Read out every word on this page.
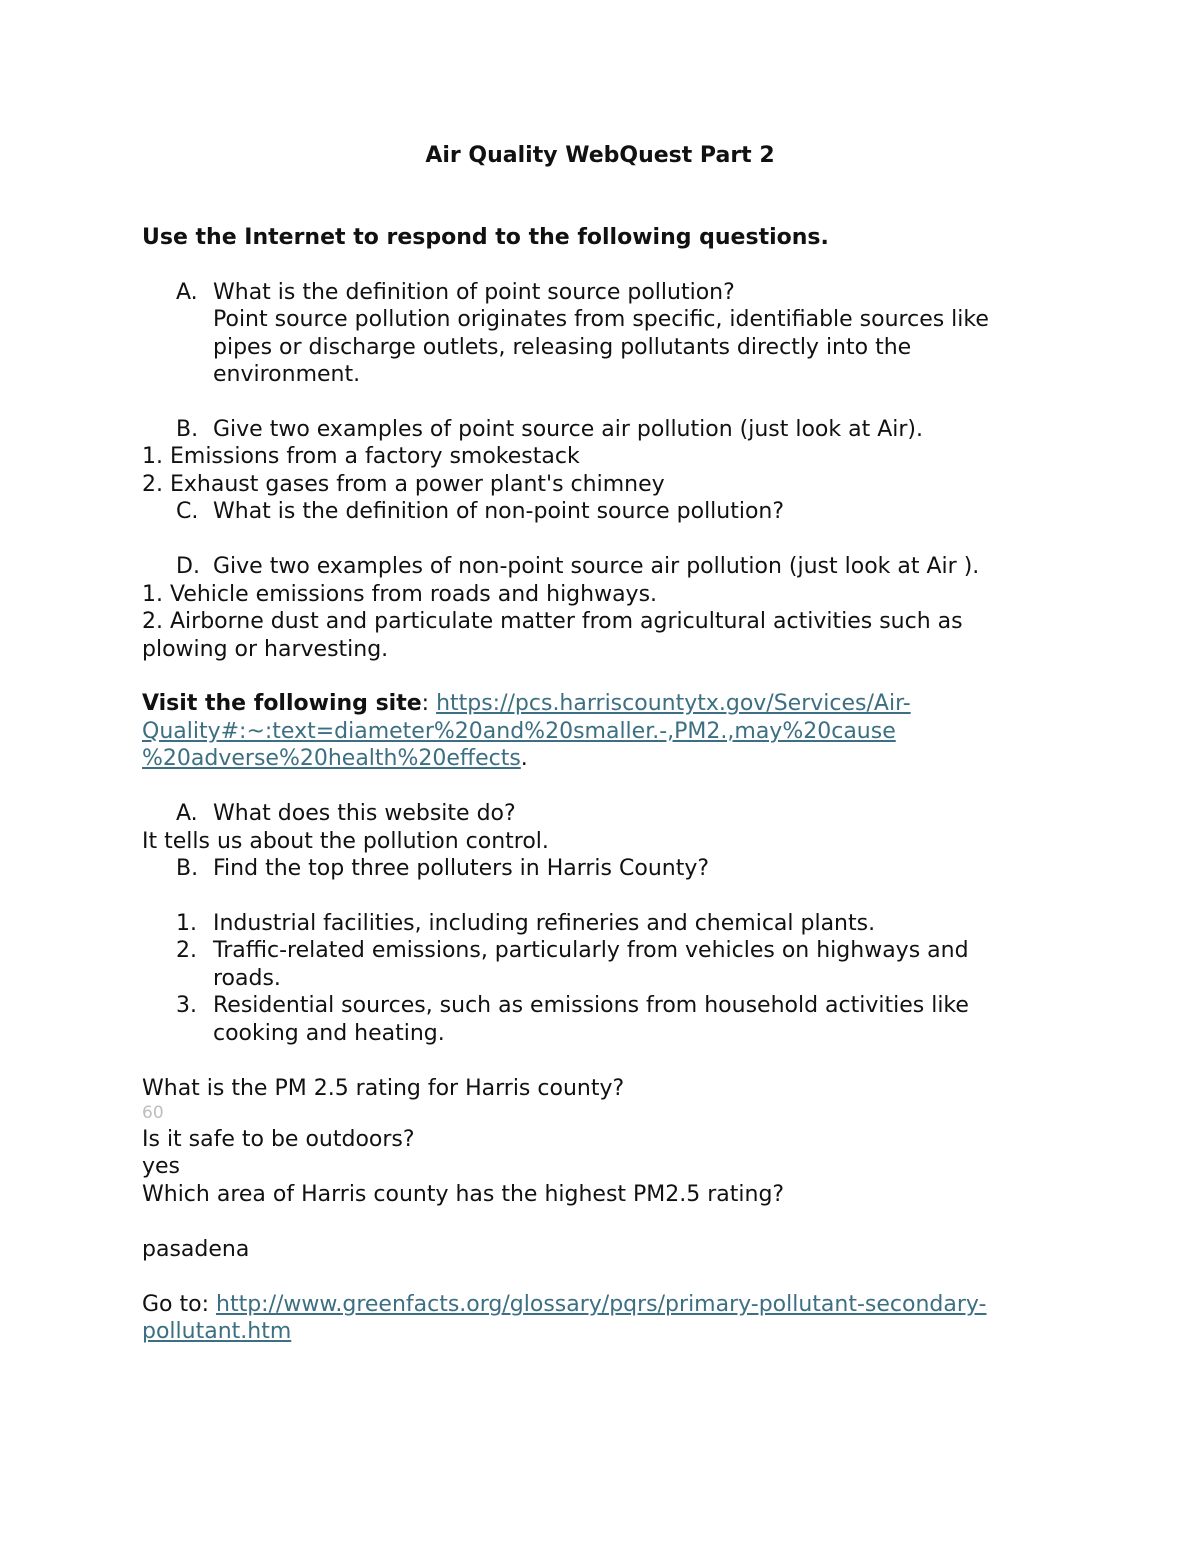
Air Quality WebQuest Part 2

Use the Internet to respond to the following questions.

A. What is the definition of point source pollution?

Point source pollution originates from specific, identifiable sources like

pipes or discharge outlets, releasing pollutants directly into the

environment.

B. Give two examples of point source air pollution (just look at Air).

1. Emissions from a factory smokestack

2. Exhaust gases from a power plant's chimney

C. What is the definition of non-point source pollution?
D. Give two examples of non-point source air pollution (just look at Air ).

1. Vehicle emissions from roads and highways.

2. Airborne dust and particulate matter from agricultural activities such as

plowing or harvesting.

Visit the following site: https://pcs.harriscountytx.gov/Services/Air-

Quality#:~:text=diameter%20and%20smaller.-,PM2.,may%20cause

%20adverse%20health%20effects.

A. What does this website do?

It tells us about the pollution control.

B. Find the top three polluters in Harris County?
1. Industrial facilities, including refineries and chemical plants.
2. Traffic-related emissions, particularly from vehicles on highways and

roads.

3. Residential sources, such as emissions from household activities like

cooking and heating.

What is the PM 2.5 rating for Harris county?

60

Is it safe to be outdoors?

yes

Which area of Harris county has the highest PM2.5 rating?

pasadena

Go to: http://www.greenfacts.org/glossary/pqrs/primary-pollutant-secondary-

pollutant.htm
